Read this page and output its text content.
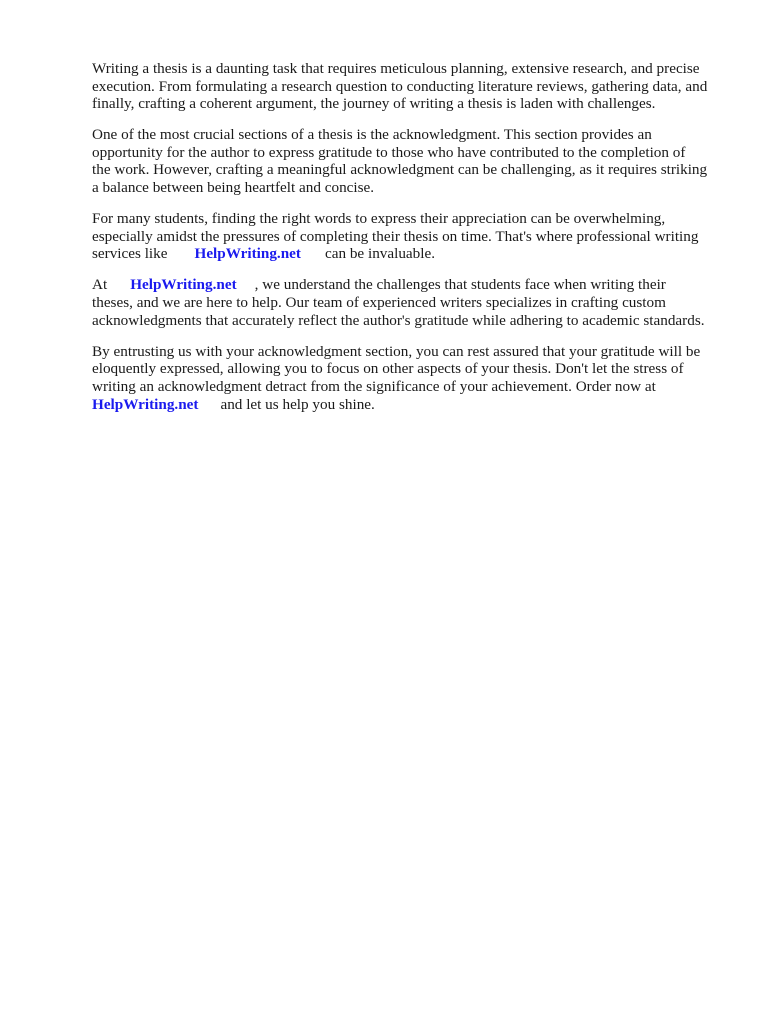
Writing a thesis is a daunting task that requires meticulous planning, extensive research, and precise
execution. From formulating a research question to conducting literature reviews, gathering data, and
finally, crafting a coherent argument, the journey of writing a thesis is laden with challenges.

One of the most crucial sections of a thesis is the acknowledgment. This section provides an
opportunity for the author to express gratitude to those who have contributed to the completion of
the work. However, crafting a meaningful acknowledgment can be challenging, as it requires striking
a balance between being heartfelt and concise.

For many students, finding the right words to express their appreciation can be overwhelming,
especially amidst the pressures of completing their thesis on time. That's where professional writing
services like HelpWriting.net can be invaluable.

At HelpWriting.net , we understand the challenges that students face when writing their
theses, and we are here to help. Our team of experienced writers specializes in crafting custom
acknowledgments that accurately reflect the author's gratitude while adhering to academic standards.

By entrusting us with your acknowledgment section, you can rest assured that your gratitude will be
eloquently expressed, allowing you to focus on other aspects of your thesis. Don't let the stress of
writing an acknowledgment detract from the significance of your achievement. Order now at
HelpWriting.net and let us help you shine.
